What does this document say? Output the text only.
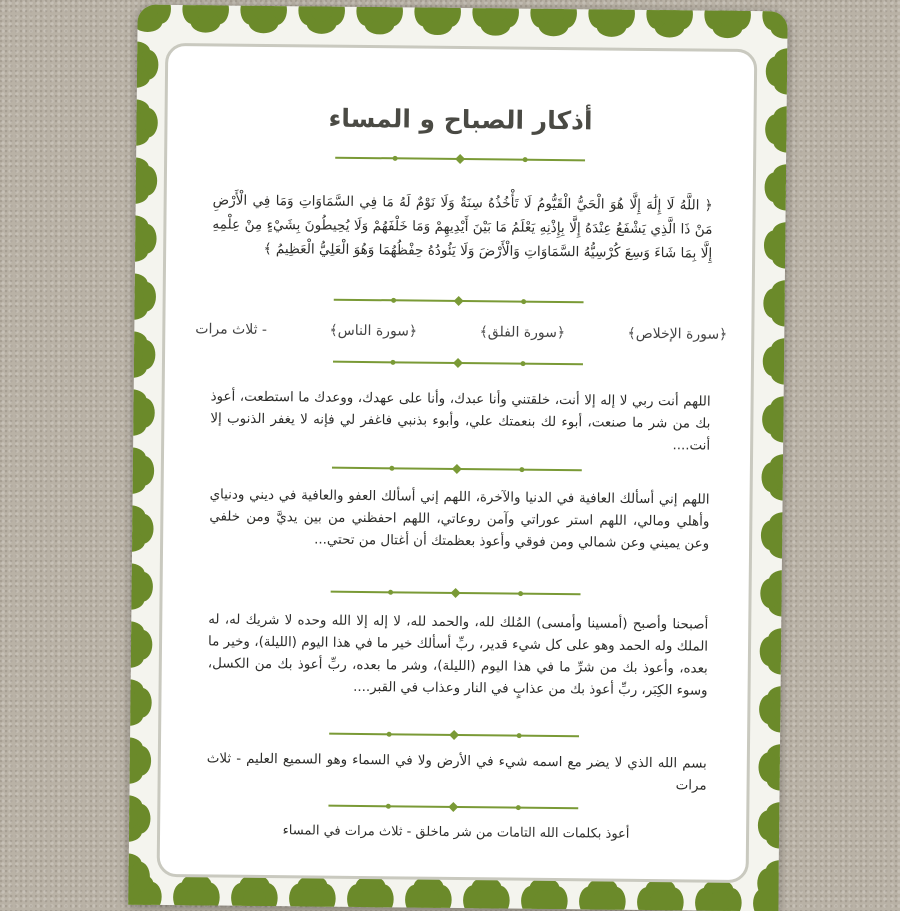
أذكار الصباح و المساء
﴿ اللَّهُ لَا إِلَٰهَ إِلَّا هُوَ الْحَيُّ الْقَيُّومُ لَا تَأْخُذُهُ سِنَةٌ وَلَا نَوْمٌ لَهُ مَا فِي السَّمَاوَاتِ وَمَا فِي الْأَرْضِ مَنْ ذَا الَّذِي يَشْفَعُ عِنْدَهُ إِلَّا بِإِذْنِهِ يَعْلَمُ مَا بَيْنَ أَيْدِيهِمْ وَمَا خَلْفَهُمْ وَلَا يُحِيطُونَ بِشَيْءٍ مِنْ عِلْمِهِ إِلَّا بِمَا شَاءَ وَسِعَ كُرْسِيُّهُ السَّمَاوَاتِ وَالْأَرْضَ وَلَا يَئُودُهُ حِفْظُهُمَا وَهُوَ الْعَلِيُّ الْعَظِيمُ ﴾
﴿سورة الإخلاص﴾
﴿سورة الفلق﴾
﴿سورة الناس﴾
- ثلاث مرات
اللهم أنت ربي لا إله إلا أنت، خلقتني وأنا عبدك، وأنا على عهدك، ووعدك ما استطعت، أعوذ بك من شر ما صنعت، أبوء لك بنعمتك علي، وأبوء بذنبي فاغفر لي فإنه لا يغفر الذنوب إلا أنت....
اللهم إني أسألك العافية في الدنيا والآخرة، اللهم إني أسألك العفو والعافية في ديني ودنياي وأهلي ومالي، اللهم استر عوراتي وآمن روعاتي، اللهم احفظني من بين يديَّ ومن خلفي وعن يميني وعن شمالي ومن فوقي وأعوذ بعظمتك أن أغتال من تحتي...
أصبحنا وأصبح (أمسينا وأمسى) المُلك لله، والحمد لله، لا إله إلا الله وحده لا شريك له، له الملك وله الحمد وهو على كل شيء قدير، ربِّ أسألك خير ما في هذا اليوم (الليلة)، وخير ما بعده، وأعوذ بك من شرِّ ما في هذا اليوم (الليلة)، وشر ما بعده، ربِّ أعوذ بك من الكسل، وسوء الكِبَر، ربِّ أعوذ بك من عذابٍ في النار وعذاب في القبر....
بسم الله الذي لا يضر مع اسمه شيء في الأرض ولا في السماء وهو السميع العليم - ثلاث مرات
أعوذ بكلمات الله التامات من شر ماخلق - ثلاث مرات في المساء
